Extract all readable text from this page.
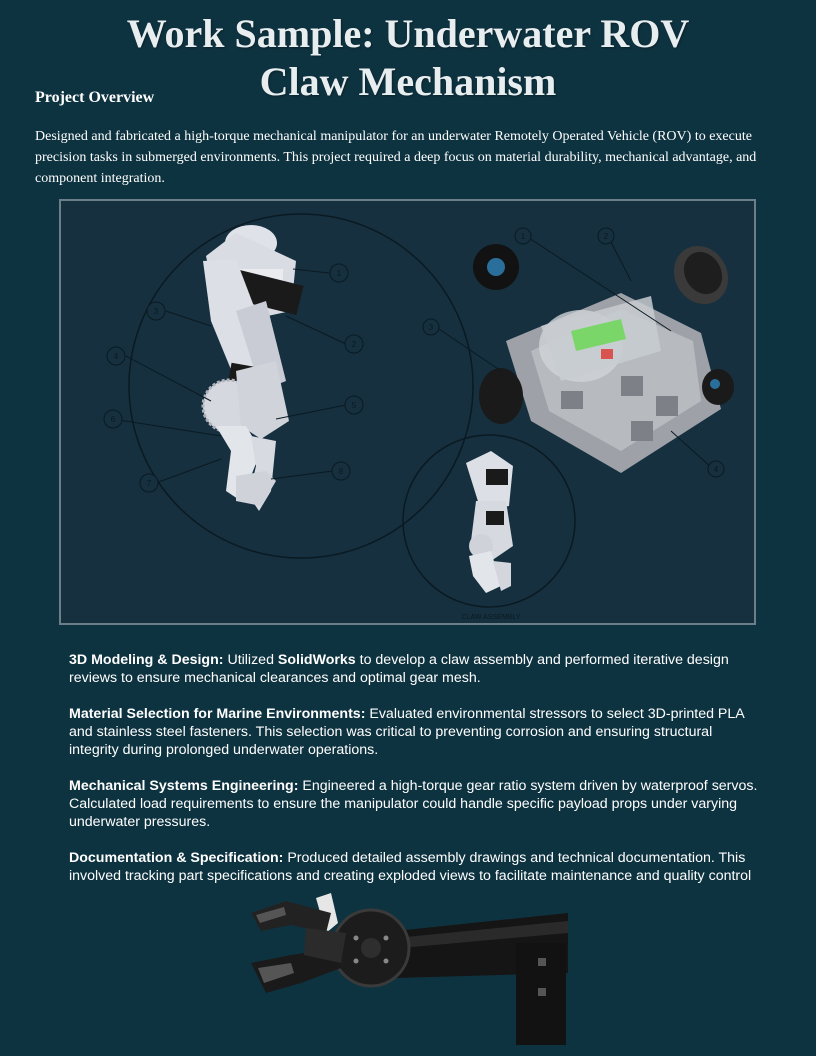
Work Sample: Underwater ROV
Claw Mechanism
Project Overview

Designed and fabricated a high-torque mechanical manipulator for an underwater Remotely Operated Vehicle (ROV) to execute precision tasks in submerged environments. This project required a deep focus on material durability, mechanical advantage, and component integration.

1
2
3
4
5
6
7
8
1	2
3
4
CLAW ASSEMBLY

3D Modeling & Design: Utilized SolidWorks to develop a claw assembly and performed iterative design reviews to ensure mechanical clearances and optimal gear mesh.

Material Selection for Marine Environments: Evaluated environmental stressors to select 3D-printed PLA and stainless steel fasteners. This selection was critical to preventing corrosion and ensuring structural integrity during prolonged underwater operations.

Mechanical Systems Engineering: Engineered a high-torque gear ratio system driven by waterproof servos. Calculated load requirements to ensure the manipulator could handle specific payload props under varying underwater pressures.

Documentation & Specification: Produced detailed assembly drawings and technical documentation. This involved tracking part specifications and creating exploded views to facilitate maintenance and quality control
